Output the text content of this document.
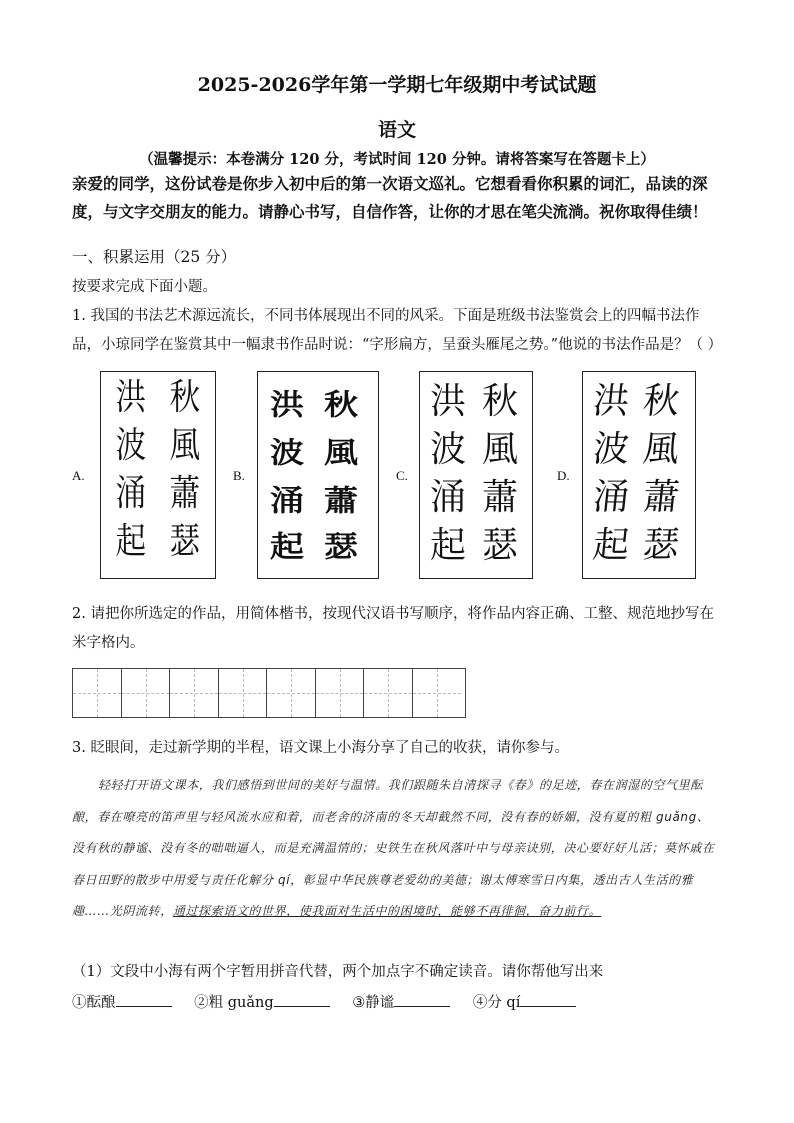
2025-2026学年第一学期七年级期中考试试题
语文
（温馨提示：本卷满分 120 分，考试时间 120 分钟。请将答案写在答题卡上）
亲爱的同学，这份试卷是你步入初中后的第一次语文巡礼。它想看看你积累的词汇，品读的深度，与文字交朋友的能力。请静心书写，自信作答，让你的才思在笔尖流淌。祝你取得佳绩！
一、积累运用（25 分）
按要求完成下面小题。
1. 我国的书法艺术源远流长，不同书体展现出不同的风采。下面是班级书法鉴赏会上的四幅书法作品，小琼同学在鉴赏其中一幅隶书作品时说：“字形扁方，呈蚕头雁尾之势。”他说的书法作品是？（ ）
A.
秋
風
蕭
瑟
洪
波
涌
起
B.
秋
風
蕭
瑟
洪
波
涌
起
C.
秋
風
蕭
瑟
洪
波
涌
起
D.
秋
風
蕭
瑟
洪
波
涌
起
2. 请把你所选定的作品，用简体楷书，按现代汉语书写顺序，将作品内容正确、工整、规范地抄写在米字格内。
3. 眨眼间，走过新学期的半程，语文课上小海分享了自己的收获，请你参与。
轻轻打开语文课本，我们感悟到世间的美好与温情。我们跟随朱自清探寻《春》的足迹，春在润湿的空气里酝酿，春在嘹亮的笛声里与轻风流水应和着，而老舍的济南的冬天却截然不同，没有春的娇媚，没有夏的粗 guǎng、没有秋的静谧、没有冬的咄咄逼人，而是充满温情的；史铁生在秋风落叶中与母亲诀别，决心要好好儿活；莫怀戚在春日田野的散步中用爱与责任化解分 qí，彰显中华民族尊老爱幼的美德；谢太傅寒雪日内集，透出古人生活的雅趣……光阴流转，通过探索语文的世界，使我面对生活中的困境时，能够不再徘徊，奋力前行。
（1）文段中小海有两个字暂用拼音代替，两个加点字不确定读音。请你帮他写出来
①酝酿	②粗 guǎng	③静谧	④分 qí
